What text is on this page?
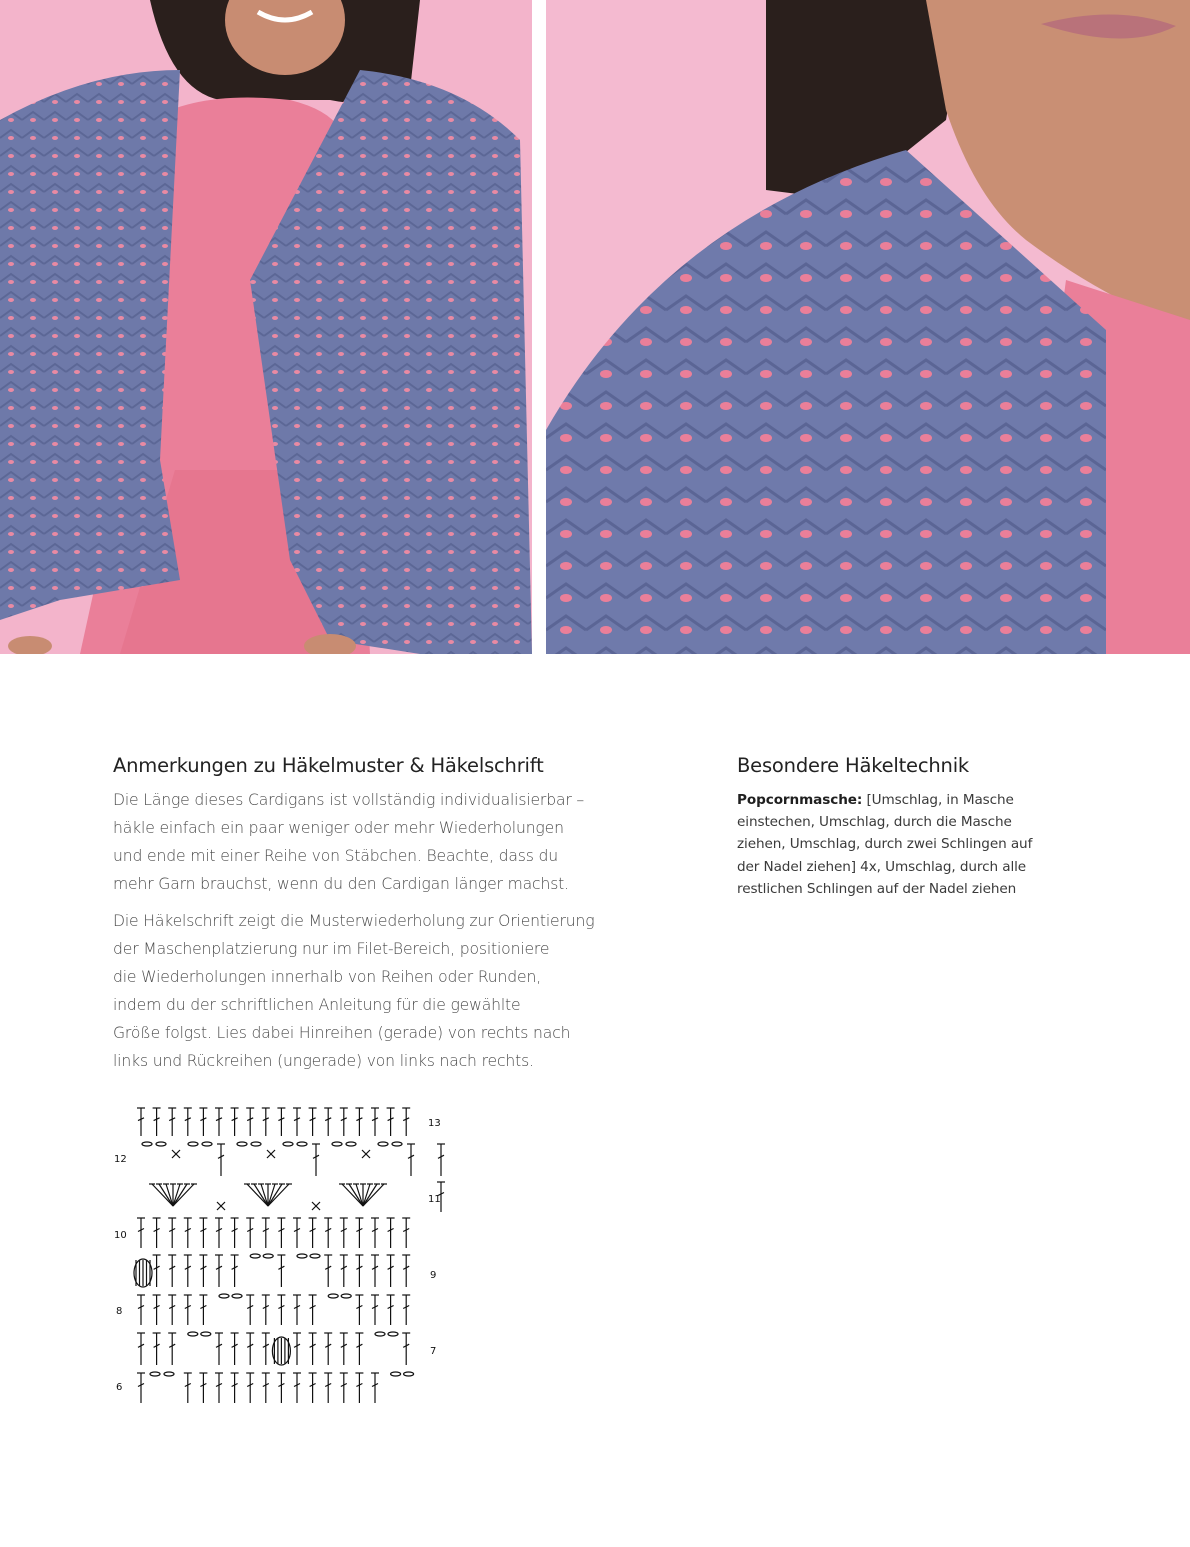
Anmerkungen zu Häkelmuster & Häkelschrift

Die Länge dieses Cardigans ist vollständig individualisierbar –
häkle einfach ein paar weniger oder mehr Wiederholungen
und ende mit einer Reihe von Stäbchen. Beachte, dass du
mehr Garn brauchst, wenn du den Cardigan länger machst.

Die Häkelschrift zeigt die Musterwiederholung zur Orientierung
der Maschenplatzierung nur im Filet-Bereich, positioniere
die Wiederholungen innerhalb von Reihen oder Runden,
indem du der schriftlichen Anleitung für die gewählte
Größe folgst. Lies dabei Hinreihen (gerade) von rechts nach
links und Rückreihen (ungerade) von links nach rechts.

Besondere Häkeltechnik

Popcornmasche: [Umschlag, in Masche
einstechen, Umschlag, durch die Masche
ziehen, Umschlag, durch zwei Schlingen auf
der Nadel ziehen] 4x, Umschlag, durch alle
restlichen Schlingen auf der Nadel ziehen

13
12
11
10
9
8
7
6
